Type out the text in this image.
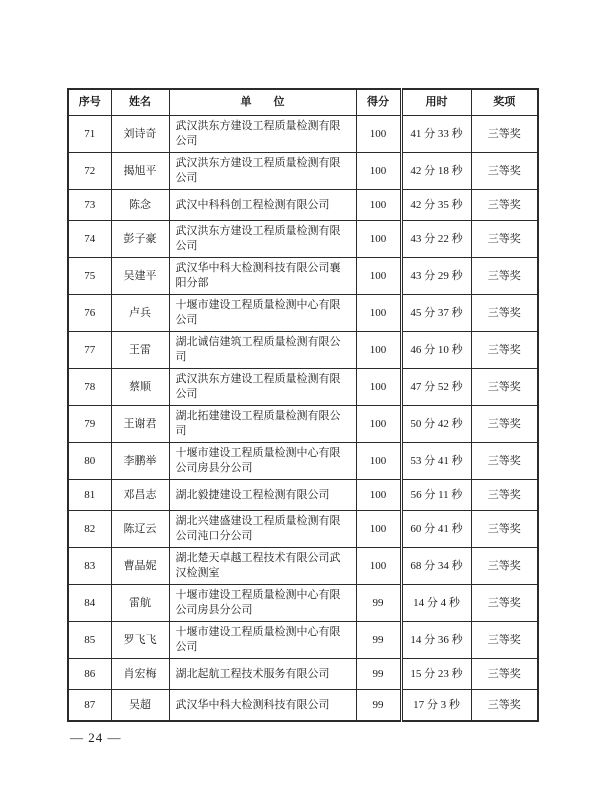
序号	姓名	单　　位	得分	用时	奖项
71	刘诗奇	武汉洪东方建设工程质量检测有限公司	100	41 分 33 秒	三等奖
72	揭旭平	武汉洪东方建设工程质量检测有限公司	100	42 分 18 秒	三等奖
73	陈念	武汉中科科创工程检测有限公司	100	42 分 35 秒	三等奖
74	彭子豪	武汉洪东方建设工程质量检测有限公司	100	43 分 22 秒	三等奖
75	吴建平	武汉华中科大检测科技有限公司襄阳分部	100	43 分 29 秒	三等奖
76	卢兵	十堰市建设工程质量检测中心有限公司	100	45 分 37 秒	三等奖
77	王雷	湖北诚信建筑工程质量检测有限公司	100	46 分 10 秒	三等奖
78	蔡顺	武汉洪东方建设工程质量检测有限公司	100	47 分 52 秒	三等奖
79	王谢君	湖北拓建建设工程质量检测有限公司	100	50 分 42 秒	三等奖
80	李鹏举	十堰市建设工程质量检测中心有限公司房县分公司	100	53 分 41 秒	三等奖
81	邓昌志	湖北毅捷建设工程检测有限公司	100	56 分 11 秒	三等奖
82	陈辽云	湖北兴建盛建设工程质量检测有限公司沌口分公司	100	60 分 41 秒	三等奖
83	曹晶妮	湖北楚天卓越工程技术有限公司武汉检测室	100	68 分 34 秒	三等奖
84	雷航	十堰市建设工程质量检测中心有限公司房县分公司	99	14 分 4 秒	三等奖
85	罗飞飞	十堰市建设工程质量检测中心有限公司	99	14 分 36 秒	三等奖
86	肖宏梅	湖北起航工程技术服务有限公司	99	15 分 23 秒	三等奖
87	吴超	武汉华中科大检测科技有限公司	99	17 分 3 秒	三等奖
— 24 —
